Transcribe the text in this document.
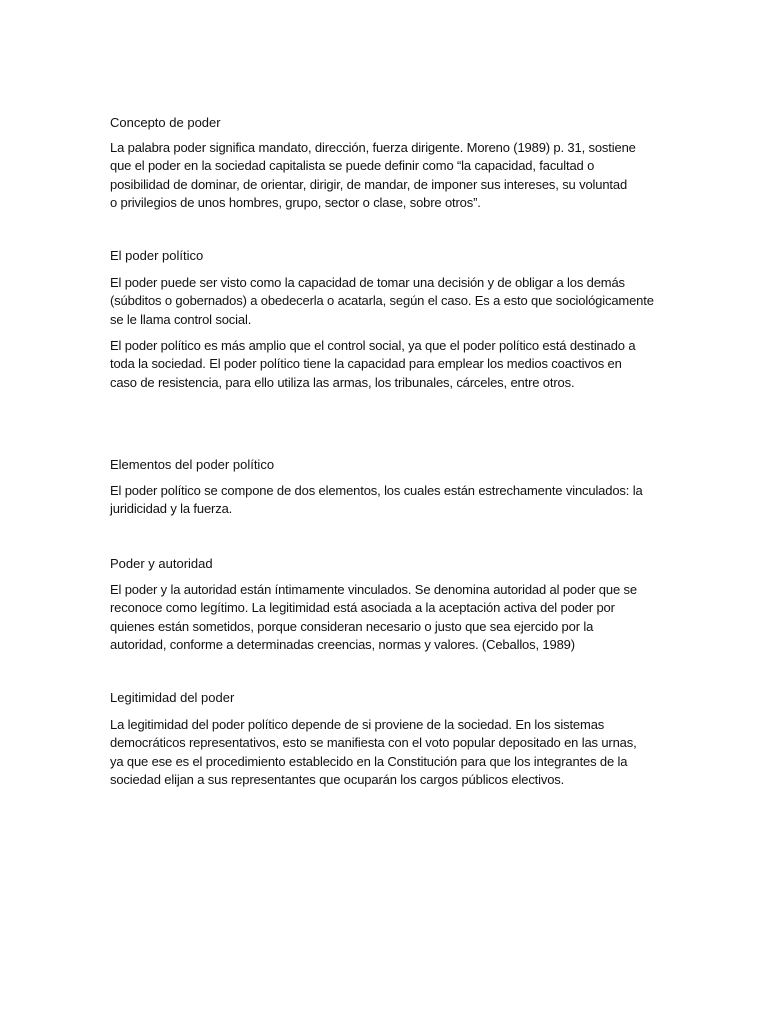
Concepto de poder

La palabra poder significa mandato, dirección, fuerza dirigente. Moreno (1989) p. 31, sostiene
que el poder en la sociedad capitalista se puede definir como “la capacidad, facultad o
posibilidad de dominar, de orientar, dirigir, de mandar, de imponer sus intereses, su voluntad
o privilegios de unos hombres, grupo, sector o clase, sobre otros”.

El poder político

El poder puede ser visto como la capacidad de tomar una decisión y de obligar a los demás
(súbditos o gobernados) a obedecerla o acatarla, según el caso. Es a esto que sociológicamente
se le llama control social.

El poder político es más amplio que el control social, ya que el poder político está destinado a
toda la sociedad. El poder político tiene la capacidad para emplear los medios coactivos en
caso de resistencia, para ello utiliza las armas, los tribunales, cárceles, entre otros.

Elementos del poder político

El poder político se compone de dos elementos, los cuales están estrechamente vinculados: la
juridicidad y la fuerza.

Poder y autoridad

El poder y la autoridad están íntimamente vinculados. Se denomina autoridad al poder que se
reconoce como legítimo. La legitimidad está asociada a la aceptación activa del poder por
quienes están sometidos, porque consideran necesario o justo que sea ejercido por la
autoridad, conforme a determinadas creencias, normas y valores. (Ceballos, 1989)

Legitimidad del poder

La legitimidad del poder político depende de si proviene de la sociedad. En los sistemas
democráticos representativos, esto se manifiesta con el voto popular depositado en las urnas,
ya que ese es el procedimiento establecido en la Constitución para que los integrantes de la
sociedad elijan a sus representantes que ocuparán los cargos públicos electivos.
